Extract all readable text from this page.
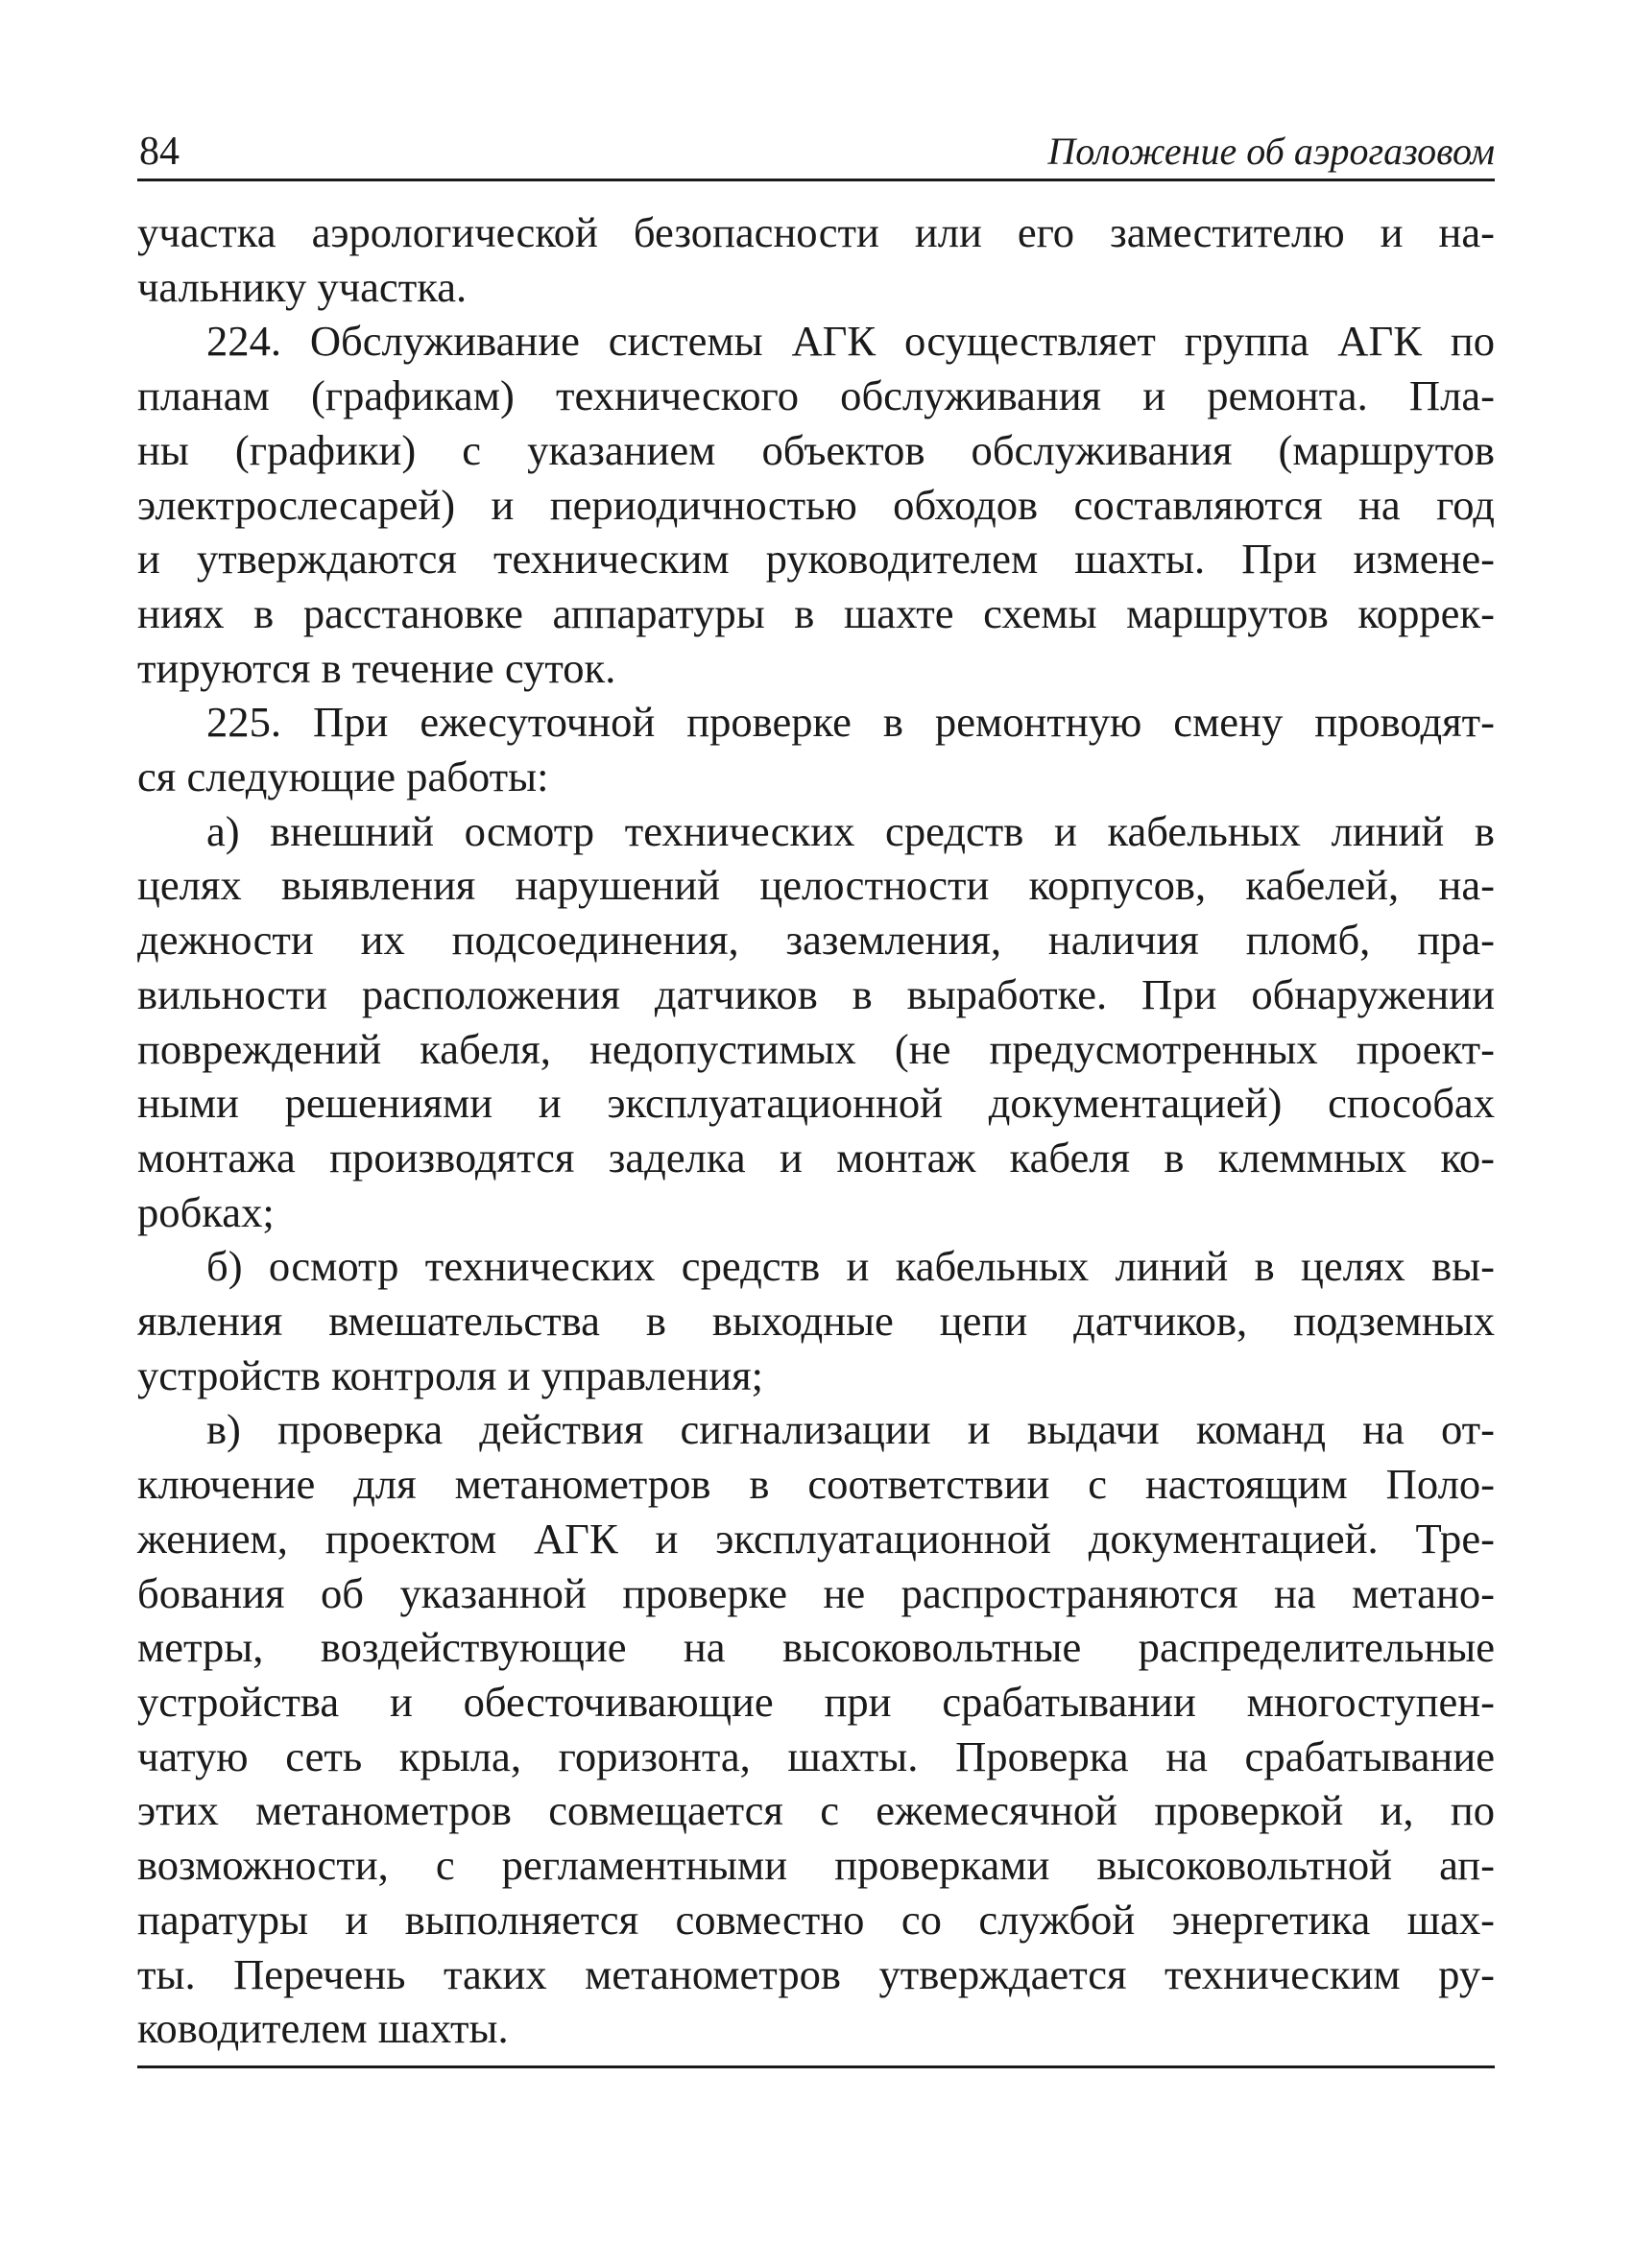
84	Положение об аэрогазовом
участка аэрологической безопасности или его заместителю и на-
чальнику участка.
224. Обслуживание системы АГК осуществляет группа АГК по
планам (графикам) технического обслуживания и ремонта. Пла-
ны (графики) с указанием объектов обслуживания (маршрутов
электрослесарей) и периодичностью обходов составляются на год
и утверждаются техническим руководителем шахты. При измене-
ниях в расстановке аппаратуры в шахте схемы маршрутов коррек-
тируются в течение суток.
225. При ежесуточной проверке в ремонтную смену проводят-
ся следующие работы:
а) внешний осмотр технических средств и кабельных линий в
целях выявления нарушений целостности корпусов, кабелей, на-
дежности их подсоединения, заземления, наличия пломб, пра-
вильности расположения датчиков в выработке. При обнаружении
повреждений кабеля, недопустимых (не предусмотренных проект-
ными решениями и эксплуатационной документацией) способах
монтажа производятся заделка и монтаж кабеля в клеммных ко-
робках;
б) осмотр технических средств и кабельных линий в целях вы-
явления вмешательства в выходные цепи датчиков, подземных
устройств контроля и управления;
в) проверка действия сигнализации и выдачи команд на от-
ключение для метанометров в соответствии с настоящим Поло-
жением, проектом АГК и эксплуатационной документацией. Тре-
бования об указанной проверке не распространяются на метано-
метры, воздействующие на высоковольтные распределительные
устройства и обесточивающие при срабатывании многоступен-
чатую сеть крыла, горизонта, шахты. Проверка на срабатывание
этих метанометров совмещается с ежемесячной проверкой и, по
возможности, с регламентными проверками высоковольтной ап-
паратуры и выполняется совместно со службой энергетика шах-
ты. Перечень таких метанометров утверждается техническим ру-
ководителем шахты.
